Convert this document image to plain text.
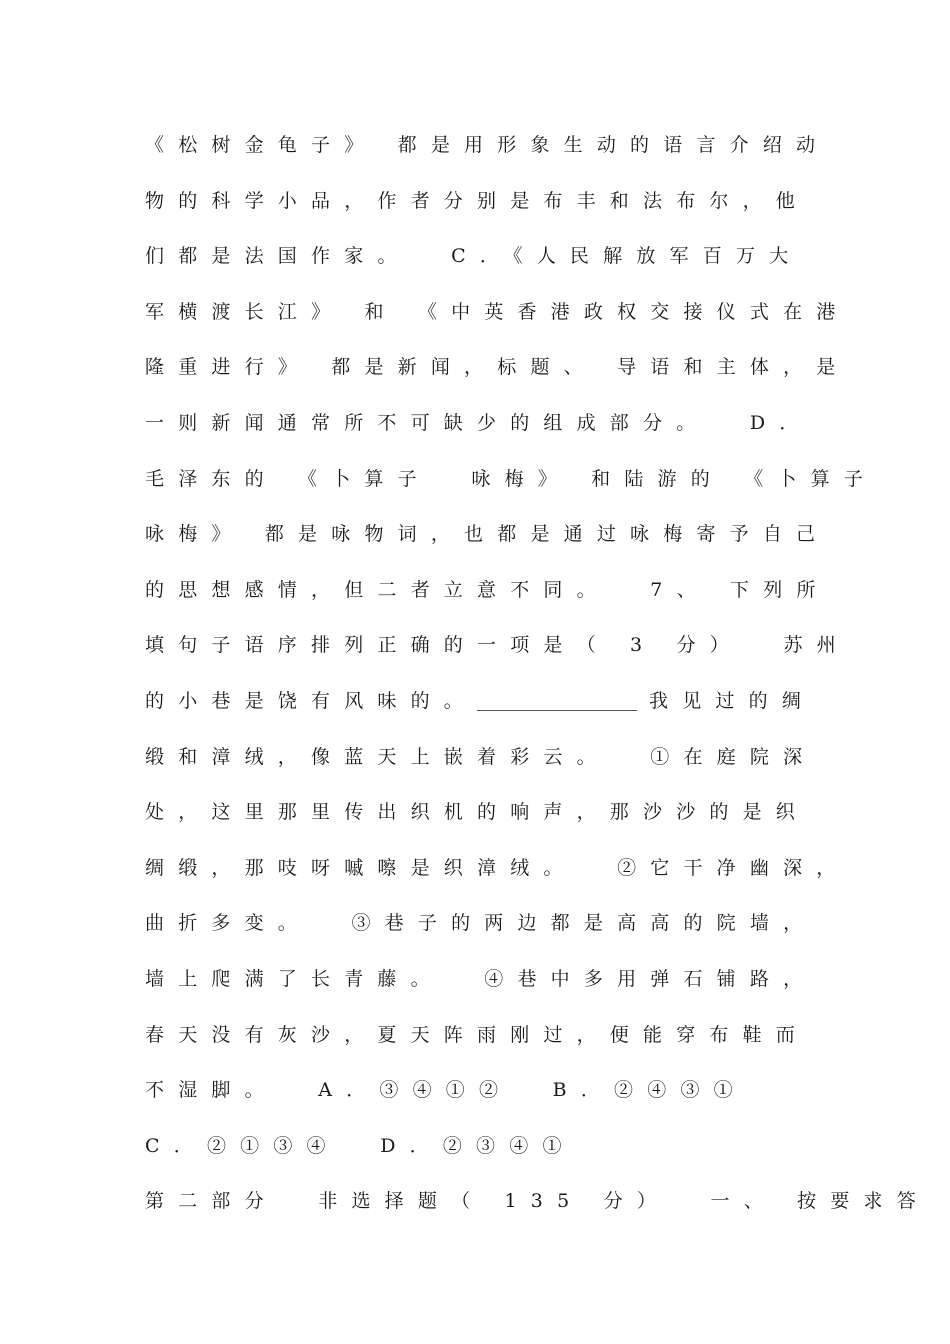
《松树金龟子》 都是用形象生动的语言介绍动
物的科学小品，作者分别是布丰和法布尔，他
们都是法国作家。  C．《人民解放军百万大
军横渡长江》 和 《中英香港政权交接仪式在港
隆重进行》 都是新闻，标题、 导语和主体，是
一则新闻通常所不可缺少的组成部分。  D．
毛泽东的 《卜算子  咏梅》 和陆游的 《卜算子
咏梅》 都是咏物词，也都是通过咏梅寄予自己
的思想感情，但二者立意不同。  7、 下列所
填句子语序排列正确的一项是（ 3 分）  苏州
的小巷是饶有风味的。	我见过的绸
缎和漳绒，像蓝天上嵌着彩云。  ①在庭院深
处，这里那里传出织机的响声，那沙沙的是织
绸缎，那吱呀嘁嚓是织漳绒。  ②它干净幽深，
曲折多变。  ③巷子的两边都是高高的院墙，
墙上爬满了长青藤。  ④巷中多用弹石铺路，
春天没有灰沙，夏天阵雨刚过，便能穿布鞋而
不湿脚。  A．③④①②  B．②④③①
C．②①③④  D．②③④①
第二部分  非选择题（ 135 分）  一、 按要求答
